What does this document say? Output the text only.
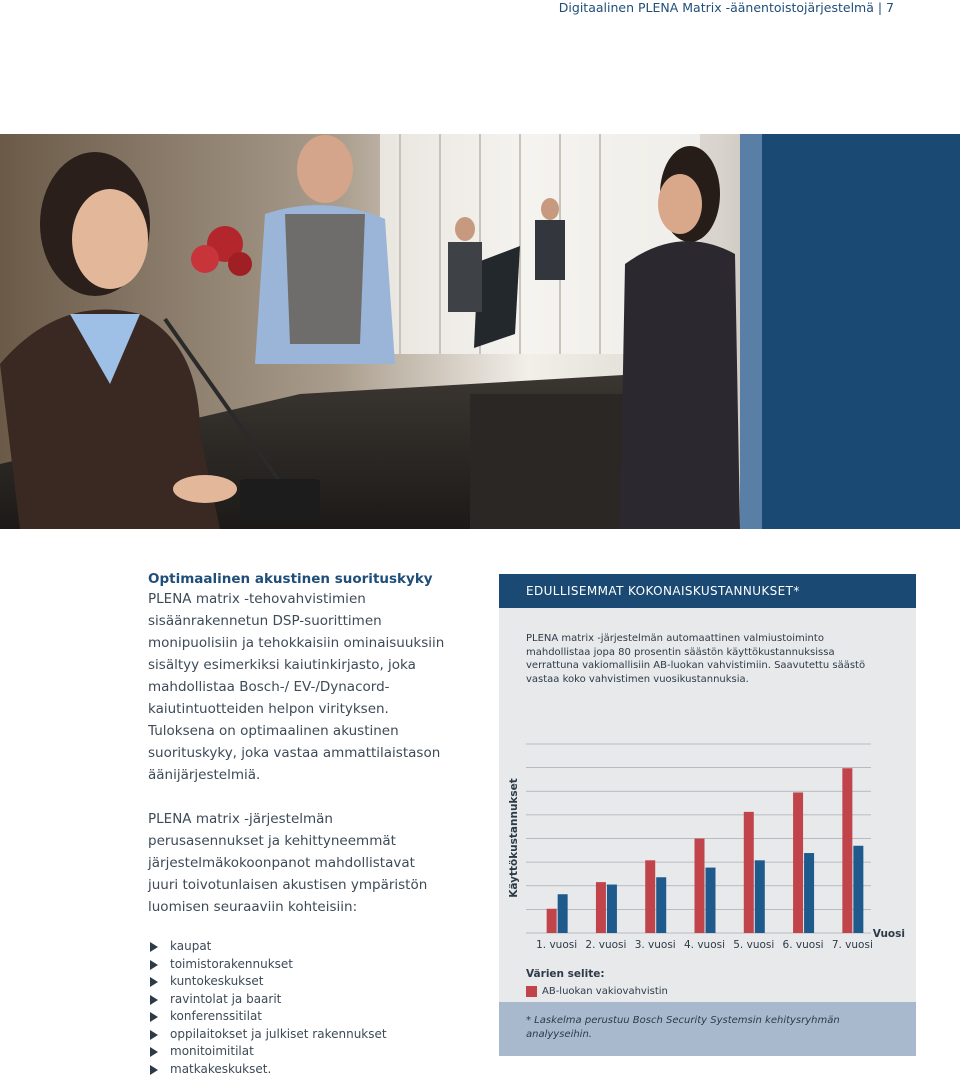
Digitaalinen PLENA Matrix -äänentoistojärjestelmä | 7
Optimaalinen akustinen suorituskyky

PLENA matrix -tehovahvistimien sisäänrakennetun DSP-suorittimen monipuolisiin ja tehokkaisiin ominaisuuksiin sisältyy esimerkiksi kaiutinkirjasto, joka mahdollistaa Bosch-/ EV-/Dynacord-kaiutintuotteiden helpon virityksen. Tuloksena on optimaalinen akustinen suorituskyky, joka vastaa ammattilaistason äänijärjestelmiä.

PLENA matrix -järjestelmän perusasennukset ja kehittyneemmät järjestelmäkokoonpanot mahdollistavat juuri toivotunlaisen akustisen ympäristön luomisen seuraaviin kohteisiin:

kaupat
toimistorakennukset
kuntokeskukset
ravintolat ja baarit
konferenssitilat
oppilaitokset ja julkiset rakennukset
monitoimitilat
matkakeskukset.
EDULLISEMMAT KOKONAISKUSTANNUKSET*

PLENA matrix -järjestelmän automaattinen valmiustoiminto mahdollistaa jopa 80 prosentin säästön käyttökustannuksissa verrattuna vakiomallisiin AB-luokan vahvistimiin. Saavutettu säästö vastaa koko vahvistimen vuosikustannuksia.

1. vuosi 2. vuosi 3. vuosi 4. vuosi 5. vuosi 6. vuosi 7. vuosi
Vuosi
Käyttökustannukset
Värien selite:
AB-luokan vakiovahvistin

* Laskelma perustuu Bosch Security Systemsin kehitysryhmän analyyseihin.
